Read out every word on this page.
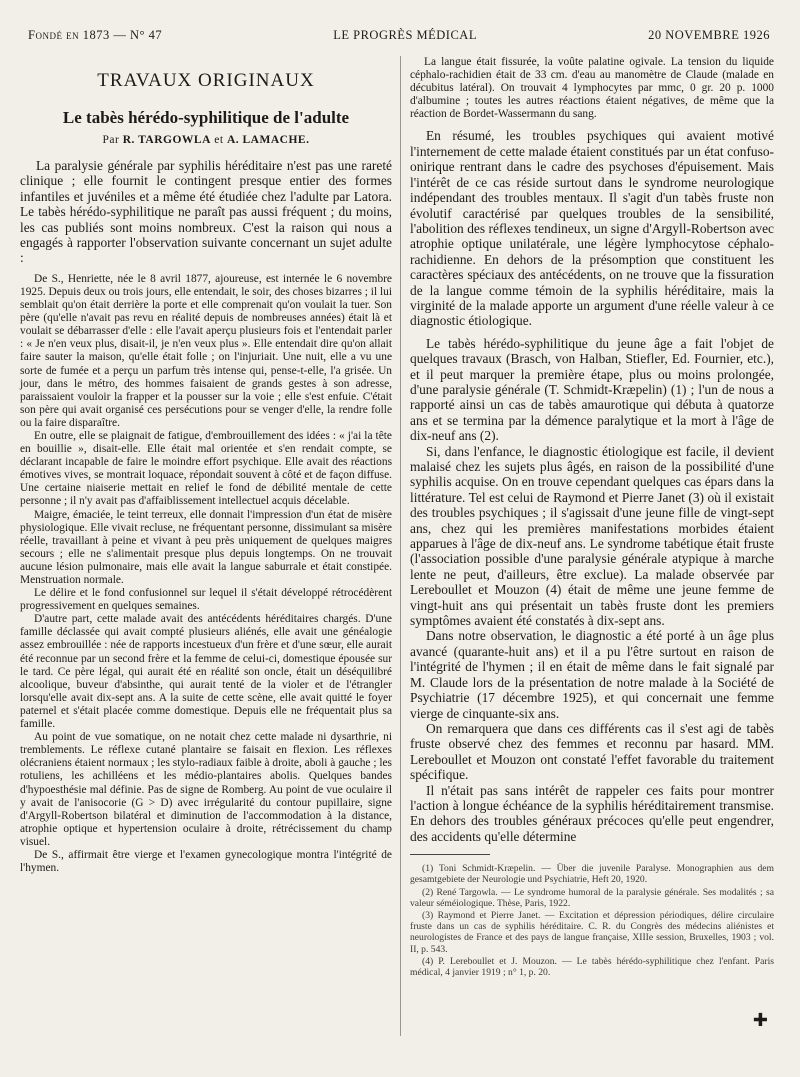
Fondé en 1873 — N° 47	LE PROGRÈS MÉDICAL	20 NOVEMBRE 1926
TRAVAUX ORIGINAUX
Le tabès hérédo-syphilitique de l'adulte
Par R. TARGOWLA et A. LAMACHE.

La paralysie générale par syphilis héréditaire n'est pas une rareté clinique ; elle fournit le contingent presque entier des formes infantiles et juvéniles et a même été étudiée chez l'adulte par Latora. Le tabès hérédo-syphilitique ne paraît pas aussi fréquent ; du moins, les cas publiés sont moins nombreux. C'est la raison qui nous a engagés à rapporter l'observation suivante concernant un sujet adulte :

De S., Henriette, née le 8 avril 1877, ajoureuse, est internée le 6 novembre 1925. Depuis deux ou trois jours, elle entendait, le soir, des choses bizarres ; il lui semblait qu'on était derrière la porte et elle comprenait qu'on voulait la tuer. Son père (qu'elle n'avait pas revu en réalité depuis de nombreuses années) était là et voulait se débarrasser d'elle : elle l'avait aperçu plusieurs fois et l'entendait parler : « Je n'en veux plus, disait-il, je n'en veux plus ». Elle entendait dire qu'on allait faire sauter la maison, qu'elle était folle ; on l'injuriait. Une nuit, elle a vu une sorte de fumée et a perçu un parfum très intense qui, pense-t-elle, l'a grisée. Un jour, dans le métro, des hommes faisaient de grands gestes à son adresse, paraissaient vouloir la frapper et la pousser sur la voie ; elle s'est enfuie. C'était son père qui avait organisé ces persécutions pour se venger d'elle, la rendre folle ou la faire disparaître.

En outre, elle se plaignait de fatigue, d'embrouillement des idées : « j'ai la tête en bouillie », disait-elle. Elle était mal orientée et s'en rendait compte, se déclarant incapable de faire le moindre effort psychique. Elle avait des réactions émotives vives, se montrait loquace, répondait souvent à côté et de façon diffuse. Une certaine niaiserie mettait en relief le fond de débilité mentale de cette personne ; il n'y avait pas d'affaiblissement intellectuel acquis décelable.

Maigre, émaciée, le teint terreux, elle donnait l'impression d'un état de misère physiologique. Elle vivait recluse, ne fréquentant personne, dissimulant sa misère réelle, travaillant à peine et vivant à peu près uniquement de quelques maigres secours ; elle ne s'alimentait presque plus depuis longtemps. On ne trouvait aucune lésion pulmonaire, mais elle avait la langue saburrale et était constipée. Menstruation normale.

Le délire et le fond confusionnel sur lequel il s'était développé rétrocédèrent progressivement en quelques semaines.

D'autre part, cette malade avait des antécédents héréditaires chargés. D'une famille déclassée qui avait compté plusieurs aliénés, elle avait une généalogie assez embrouillée : née de rapports incestueux d'un frère et d'une sœur, elle aurait été reconnue par un second frère et la femme de celui-ci, domestique épousée sur le tard. Ce père légal, qui aurait été en réalité son oncle, était un déséquilibré alcoolique, buveur d'absinthe, qui aurait tenté de la violer et de l'étrangler lorsqu'elle avait dix-sept ans. A la suite de cette scène, elle avait quitté le foyer paternel et s'était placée comme domestique. Depuis elle ne fréquentait plus sa famille.

Au point de vue somatique, on ne notait chez cette malade ni dysarthrie, ni tremblements. Le réflexe cutané plantaire se faisait en flexion. Les réflexes olécraniens étaient normaux ; les stylo-radiaux faible à droite, aboli à gauche ; les rotuliens, les achilléens et les médio-plantaires abolis. Quelques bandes d'hypoesthésie mal définie. Pas de signe de Romberg. Au point de vue oculaire il y avait de l'anisocorie (G > D) avec irrégularité du contour pupillaire, signe d'Argyll-Robertson bilatéral et diminution de l'accommodation à la distance, atrophie optique et hypertension oculaire à droite, rétrécissement du champ visuel.

De S., affirmait être vierge et l'examen gynecologique montra l'intégrité de l'hymen.

La langue était fissurée, la voûte palatine ogivale. La tension du liquide céphalo-rachidien était de 33 cm. d'eau au manomètre de Claude (malade en décubitus latéral). On trouvait 4 lymphocytes par mmc, 0 gr. 20 p. 1000 d'albumine ; toutes les autres réactions étaient négatives, de même que la réaction de Bordet-Wassermann du sang.

En résumé, les troubles psychiques qui avaient motivé l'internement de cette malade étaient constitués par un état confuso-onirique rentrant dans le cadre des psychoses d'épuisement. Mais l'intérêt de ce cas réside surtout dans le syndrome neurologique indépendant des troubles mentaux. Il s'agit d'un tabès fruste non évolutif caractérisé par quelques troubles de la sensibilité, l'abolition des réflexes tendineux, un signe d'Argyll-Robertson avec atrophie optique unilatérale, une légère lymphocytose céphalo-rachidienne. En dehors de la présomption que constituent les caractères spéciaux des antécédents, on ne trouve que la fissuration de la langue comme témoin de la syphilis héréditaire, mais la virginité de la malade apporte un argument d'une réelle valeur à ce diagnostic étiologique.

Le tabès hérédo-syphilitique du jeune âge a fait l'objet de quelques travaux (Brasch, von Halban, Stiefler, Ed. Fournier, etc.), et il peut marquer la première étape, plus ou moins prolongée, d'une paralysie générale (T. Schmidt-Kræpelin) (1) ; l'un de nous a rapporté ainsi un cas de tabès amaurotique qui débuta à quatorze ans et se termina par la démence paralytique et la mort à l'âge de dix-neuf ans (2).

Si, dans l'enfance, le diagnostic étiologique est facile, il devient malaisé chez les sujets plus âgés, en raison de la possibilité d'une syphilis acquise. On en trouve cependant quelques cas épars dans la littérature. Tel est celui de Raymond et Pierre Janet (3) où il existait des troubles psychiques ; il s'agissait d'une jeune fille de vingt-sept ans, chez qui les premières manifestations morbides étaient apparues à l'âge de dix-neuf ans. Le syndrome tabétique était fruste (l'association possible d'une paralysie générale atypique à marche lente ne peut, d'ailleurs, être exclue). La malade observée par Lereboullet et Mouzon (4) était de même une jeune femme de vingt-huit ans qui présentait un tabès fruste dont les premiers symptômes avaient été constatés à dix-sept ans.

Dans notre observation, le diagnostic a été porté à un âge plus avancé (quarante-huit ans) et il a pu l'être surtout en raison de l'intégrité de l'hymen ; il en était de même dans le fait signalé par M. Claude lors de la présentation de notre malade à la Société de Psychiatrie (17 décembre 1925), et qui concernait une femme vierge de cinquante-six ans.

On remarquera que dans ces différents cas il s'est agi de tabès fruste observé chez des femmes et reconnu par hasard. MM. Lereboullet et Mouzon ont constaté l'effet favorable du traitement spécifique.

Il n'était pas sans intérêt de rappeler ces faits pour montrer l'action à longue échéance de la syphilis héréditairement transmise. En dehors des troubles généraux précoces qu'elle peut engendrer, des accidents qu'elle détermine

(1) Toni Schmidt-Kræpelin. — Über die juvenile Paralyse. Monographien aus dem gesamtgebiete der Neurologie und Psychiatrie, Heft 20, 1920.

(2) René Targowla. — Le syndrome humoral de la paralysie générale. Ses modalités ; sa valeur séméiologique. Thèse, Paris, 1922.

(3) Raymond et Pierre Janet. — Excitation et dépression périodiques, délire circulaire fruste dans un cas de syphilis héréditaire. C. R. du Congrès des médecins aliénistes et neurologistes de France et des pays de langue française, XIIIe session, Bruxelles, 1903 ; vol. II, p. 543.

(4) P. Lereboullet et J. Mouzon. — Le tabès hérédo-syphilitique chez l'enfant. Paris médical, 4 janvier 1919 ; n° 1, p. 20.

✚
